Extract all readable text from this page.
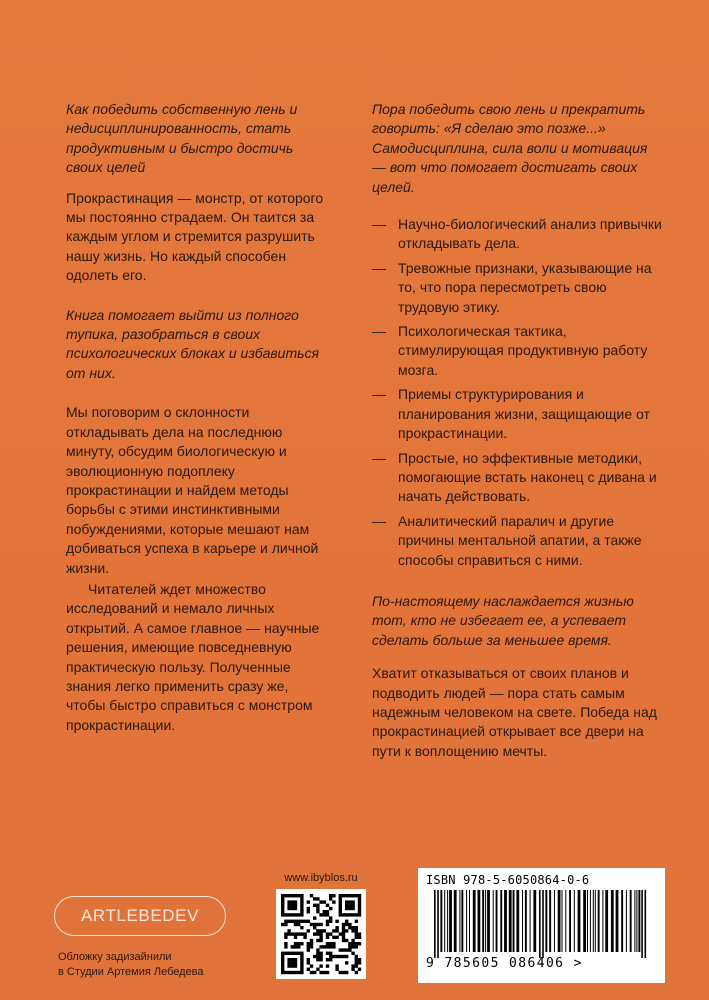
Как победить собственную лень и недисциплинированность, стать продуктивным и быстро достичь своих целей

Прокрастинация — монстр, от которого мы постоянно страдаем. Он таится за каждым углом и стремится разрушить нашу жизнь. Но каждый способен одолеть его.

Книга помогает выйти из полного тупика, разобраться в своих психологических блоках и избавиться от них.

Мы поговорим о склонности откладывать дела на последнюю минуту, обсудим биологическую и эволюционную подоплеку прокрастинации и найдем методы борьбы с этими инстинктивными побуждениями, которые мешают нам добиваться успеха в карьере и личной жизни.

Читателей ждет множество исследований и немало личных открытий. А самое главное — научные решения, имеющие повседневную практическую пользу. Полученные знания легко применить сразу же, чтобы быстро справиться с монстром прокрастинации.

Пора победить свою лень и прекратить говорить: «Я сделаю это позже...» Самодисциплина, сила воли и мотивация — вот что помогает достигать своих целей.

— Научно-биологический анализ привычки откладывать дела.
— Тревожные признаки, указывающие на то, что пора пересмотреть свою трудовую этику.
— Психологическая тактика, стимулирующая продуктивную работу мозга.
— Приемы структурирования и планирования жизни, защищающие от прокрастинации.
— Простые, но эффективные методики, помогающие встать наконец с дивана и начать действовать.
— Аналитический паралич и другие причины ментальной апатии, а также способы справиться с ними.

По-настоящему наслаждается жизнью тот, кто не избегает ее, а успевает сделать больше за меньшее время.

Хватит отказываться от своих планов и подводить людей — пора стать самым надежным человеком на свете. Победа над прокрастинацией открывает все двери на пути к воплощению мечты.

ARTLEBEDEV
Обложку задизайнили
в Студии Артемия Лебедева
www.ibyblos.ru	ISBN 978-5-6050864-0-6
9 785605 086406 >
